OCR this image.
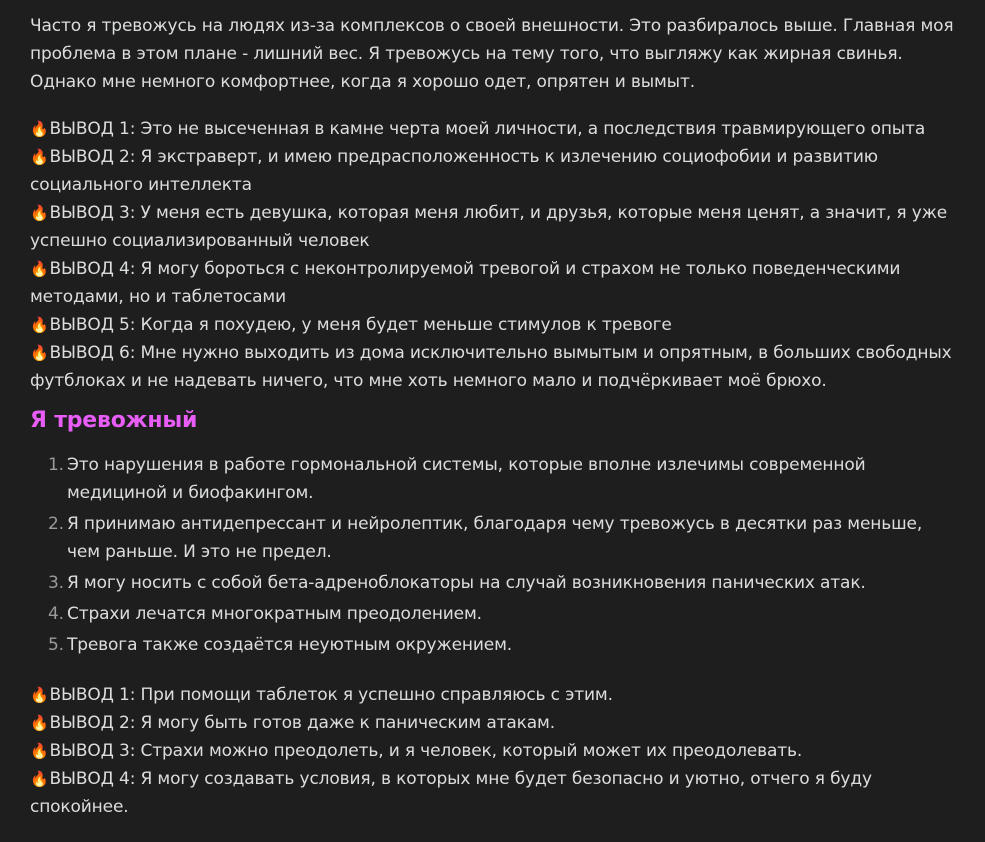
Часто я тревожусь на людях из-за комплексов о своей внешности. Это разбиралось выше. Главная моя проблема в этом плане - лишний вес. Я тревожусь на тему того, что выгляжу как жирная свинья. Однако мне немного комфортнее, когда я хорошо одет, опрятен и вымыт.

🔥ВЫВОД 1: Это не высеченная в камне черта моей личности, а последствия травмирующего опыта

🔥ВЫВОД 2: Я экстраверт, и имею предрасположенность к излечению социофобии и развитию социального интеллекта

🔥ВЫВОД 3: У меня есть девушка, которая меня любит, и друзья, которые меня ценят, а значит, я уже успешно социализированный человек

🔥ВЫВОД 4: Я могу бороться с неконтролируемой тревогой и страхом не только поведенческими методами, но и таблетосами

🔥ВЫВОД 5: Когда я похудею, у меня будет меньше стимулов к тревоге

🔥ВЫВОД 6: Мне нужно выходить из дома исключительно вымытым и опрятным, в больших свободных футблоках и не надевать ничего, что мне хоть немного мало и подчёркивает моё брюхо.

Я тревожный
1. Это нарушения в работе гормональной системы, которые вполне излечимы современной медициной и биофакингом.
2. Я принимаю антидепрессант и нейролептик, благодаря чему тревожусь в десятки раз меньше, чем раньше. И это не предел.
3. Я могу носить с собой бета-адреноблокаторы на случай возникновения панических атак.
4. Страхи лечатся многократным преодолением.
5. Тревога также создаётся неуютным окружением.

🔥ВЫВОД 1: При помощи таблеток я успешно справляюсь с этим.

🔥ВЫВОД 2: Я могу быть готов даже к паническим атакам.

🔥ВЫВОД 3: Страхи можно преодолеть, и я человек, который может их преодолевать.

🔥ВЫВОД 4: Я могу создавать условия, в которых мне будет безопасно и уютно, отчего я буду спокойнее.
